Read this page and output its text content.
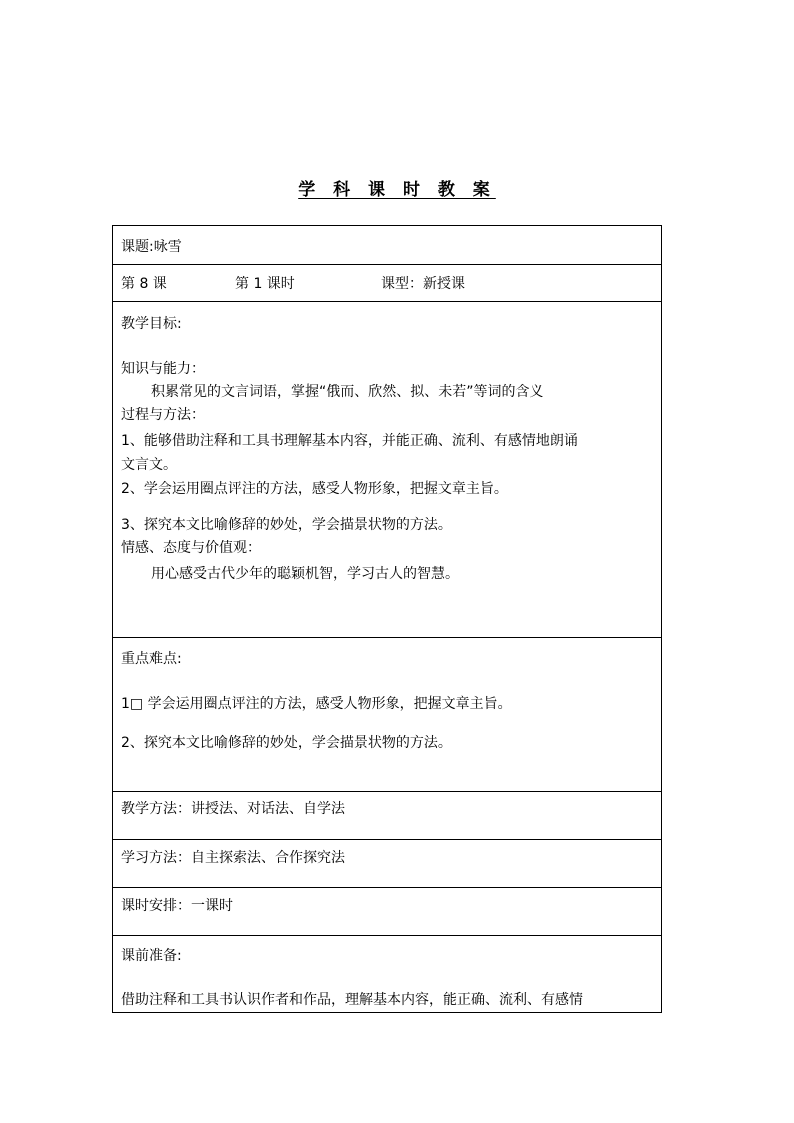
学 科 课 时 教 案
课题:咏雪
第 8 课	第 1 课时	课型：新授课
教学目标:
知识与能力：
积累常见的文言词语，掌握“俄而、欣然、拟、未若”等词的含义
过程与方法：
1、能够借助注释和工具书理解基本内容，并能正确、流利、有感情地朗诵
文言文。
2、学会运用圈点评注的方法，感受人物形象，把握文章主旨。
3、探究本文比喻修辞的妙处，学会描景状物的方法。
情感、态度与价值观：
用心感受古代少年的聪颖机智，学习古人的智慧。
重点难点:
1□ 学会运用圈点评注的方法，感受人物形象，把握文章主旨。
2、探究本文比喻修辞的妙处，学会描景状物的方法。
教学方法：讲授法、对话法、自学法
学习方法：自主探索法、合作探究法
课时安排：一课时
课前准备:
借助注释和工具书认识作者和作品，理解基本内容，能正确、流利、有感情
